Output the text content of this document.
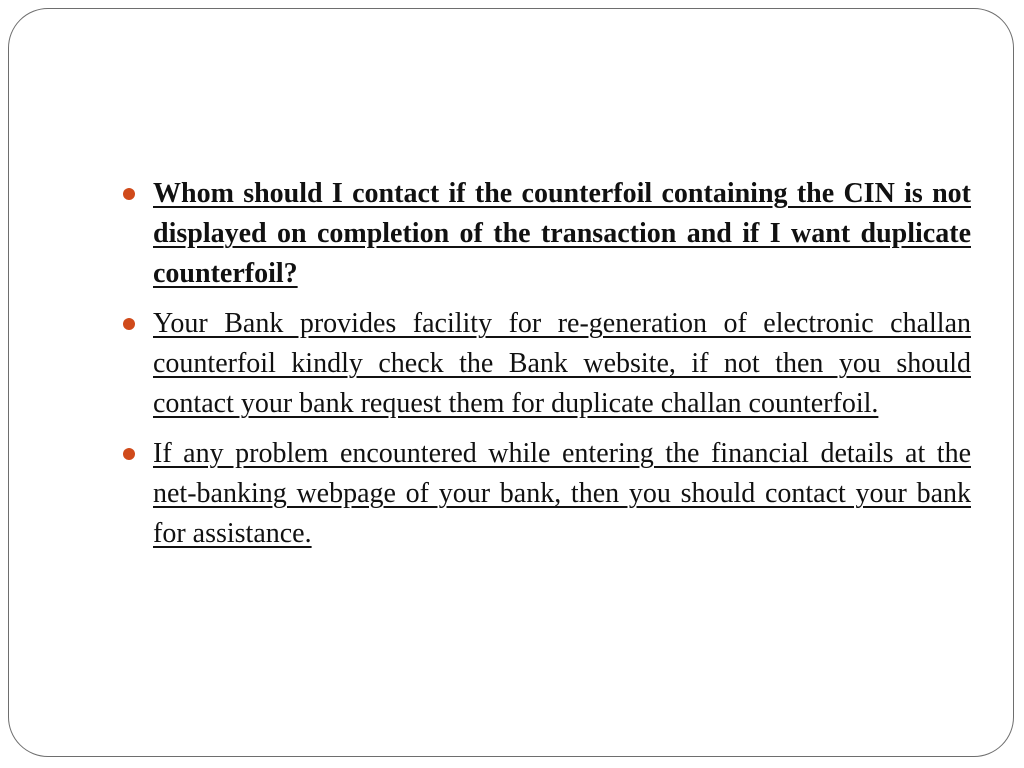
Whom should I contact if the counterfoil containing the CIN is not displayed on completion of the transaction and if I want duplicate counterfoil?
Your Bank provides facility for re-generation of electronic challan counterfoil kindly check the Bank website, if not then you should contact your bank request them for duplicate challan counterfoil.
If any problem encountered while entering the financial details at the net-banking webpage of your bank, then you should contact your bank for assistance.
